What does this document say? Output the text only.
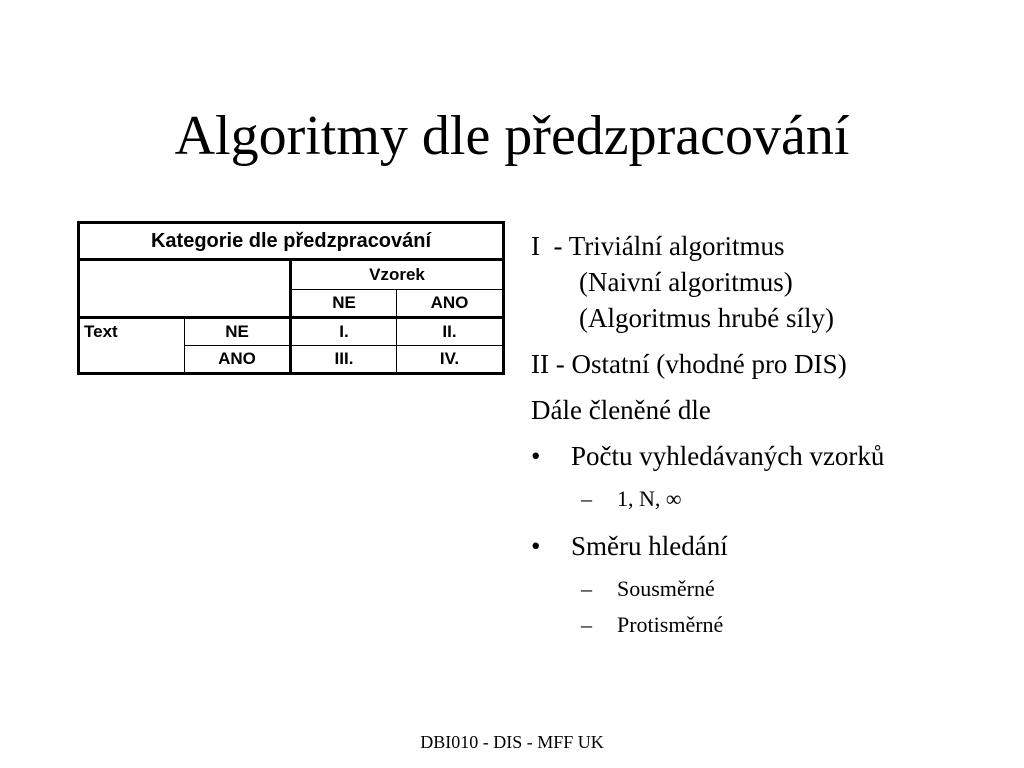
Algoritmy dle předzpracování
Kategorie dle předzpracování			
		Vzorek	
		NE	ANO
Text	NE	I.	II.
	ANO	III.	IV.

I  - Triviální algoritmus
(Naivní algoritmus)
(Algoritmus hrubé síly)

II - Ostatní (vhodné pro DIS)

Dále členěné dle

•	Počtu vyhledávaných vzorků
–	1, N, ∞
•	Směru hledání
–	Sousměrné
–	Protisměrné
DBI010 - DIS - MFF UK
